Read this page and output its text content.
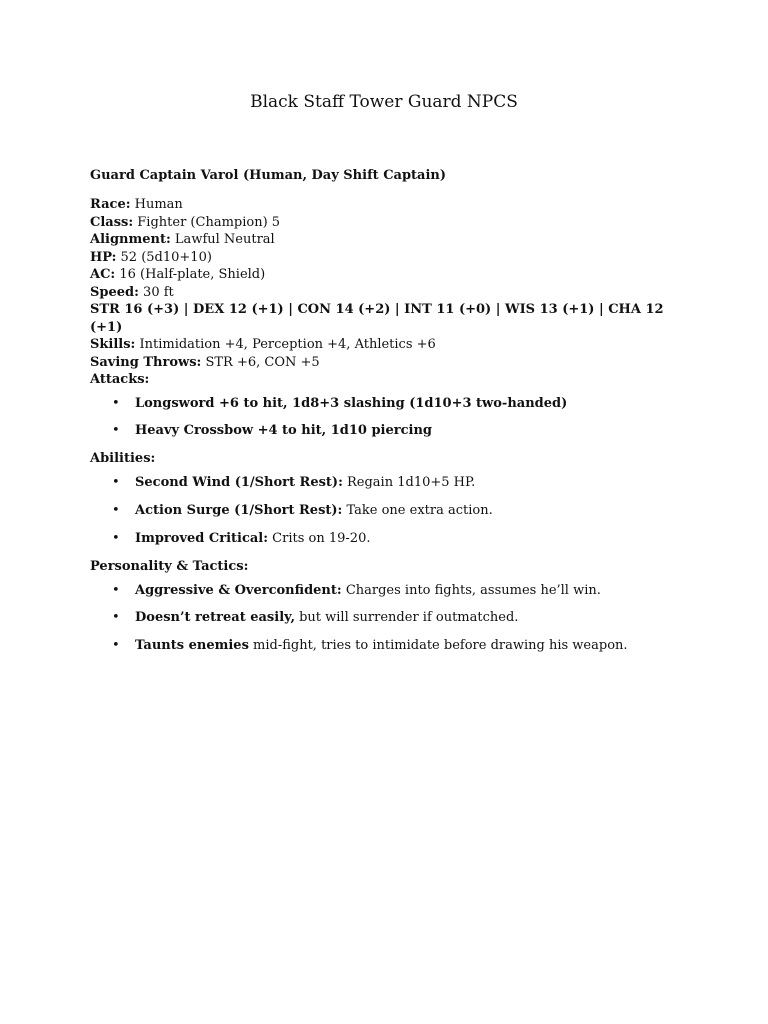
Black Staff Tower Guard NPCS
Guard Captain Varol (Human, Day Shift Captain)
Race: Human
Class: Fighter (Champion) 5
Alignment: Lawful Neutral
HP: 52 (5d10+10)
AC: 16 (Half-plate, Shield)
Speed: 30 ft
STR 16 (+3) | DEX 12 (+1) | CON 14 (+2) | INT 11 (+0) | WIS 13 (+1) | CHA 12 (+1)
Skills: Intimidation +4, Perception +4, Athletics +6
Saving Throws: STR +6, CON +5
Attacks:
• Longsword +6 to hit, 1d8+3 slashing (1d10+3 two-handed)
• Heavy Crossbow +4 to hit, 1d10 piercing
Abilities:
• Second Wind (1/Short Rest): Regain 1d10+5 HP.
• Action Surge (1/Short Rest): Take one extra action.
• Improved Critical: Crits on 19-20.
Personality & Tactics:
• Aggressive & Overconfident: Charges into fights, assumes he’ll win.
• Doesn’t retreat easily, but will surrender if outmatched.
• Taunts enemies mid-fight, tries to intimidate before drawing his weapon.
